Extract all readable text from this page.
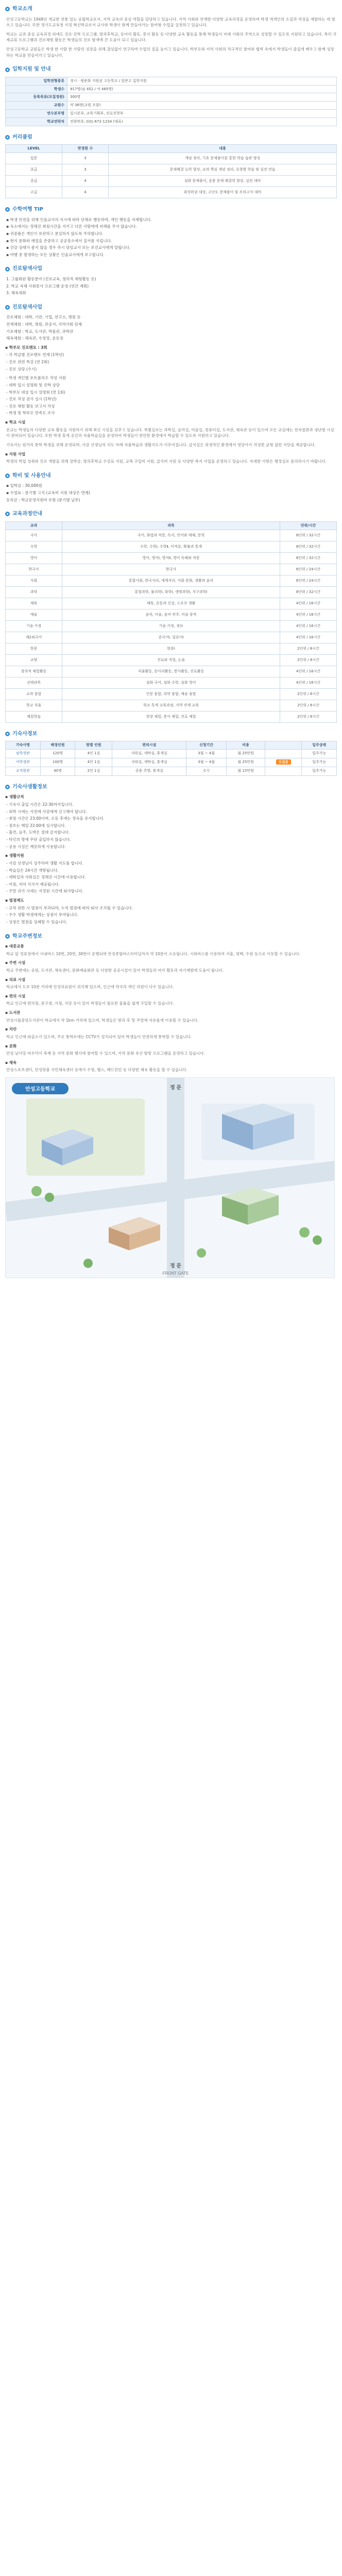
학교소개

안성고등학교는 1948년 개교한 전통 있는 공립학교로서, 지역 교육의 중심 역할을 담당하고 있습니다. 지역 사회와 연계한 다양한 교육과정을 운영하며 학생 개개인의 소질과 적성을 계발하는 데 힘쓰고 있습니다. 또한 경기도교육청 지정 혁신학교로서 교사와 학생이 함께 만들어가는 참여형 수업을 실천하고 있습니다.

학교는 교과 중심 교육과정 외에도 진로·진학 프로그램, 방과후학교, 동아리 활동, 봉사 활동 등 다양한 교육 활동을 통해 학생들이 미래 사회의 주역으로 성장할 수 있도록 지원하고 있습니다. 특히 국제교류 프로그램과 진로체험 활동은 학생들의 진로 탐색에 큰 도움이 되고 있습니다.

안성고등학교 교원들은 학생 한 사람 한 사람의 성장을 위해 끊임없이 연구하며 수업의 질을 높이고 있습니다. 학부모와 지역 사회의 적극적인 참여와 협력 속에서 학생들이 즐겁게 배우고 함께 성장하는 학교를 만들어가고 있습니다.

입학지원 및 안내
입학전형종류	정시 · 평준화 지원권 고등학교 / 일반고 입학지원
학생수	917명(남 452 / 여 465명)
등록목표(모집정원)	300명
교원수	약 36명(교원 포함)
연수본부명	입시본부, 교육기획부, 진로진학부
학교연락처	전화번호: 031-672-1234 (대표)
커리큘럼
LEVEL	반정원 수	내용
입문	3	개념 정리, 기초 문제풀이를 통한 학습 습관 형성
초급	3	문제해결 능력 향상, 교과 핵심 개념 정리, 유형별 학습 및 실전 연습
중급	4	심화 문제풀이, 응용 문제 해결력 향상, 실전 대비
고급	4	최상위권 대상, 고난도 문제풀이 및 모의고사 대비
수학여행 TIP
▪ 학생 안전을 위해 인솔교사의 지시에 따라 단체로 행동하며, 개인 행동을 자제합니다.
▪ 숙소에서는 정해진 취침시간을 지키고 다른 사람에게 피해를 주지 않습니다.
▪ 귀중품은 개인이 보관하고 분실하지 않도록 주의합니다.
▪ 현지 문화와 예절을 존중하고 공공장소에서 질서를 지킵니다.
▪ 건강 상태가 좋지 않을 경우 즉시 담임교사 또는 보건교사에게 알립니다.
▪ 여행 중 발생하는 모든 상황은 인솔교사에게 보고합니다.
진로탐색사업
1. 그룹화된 활동분야 (진로교육, 창의적 체험활동 등)
2. 학교 자체 사회봉사 프로그램 운영 (연간 계획)
3. 체육대회
진로탐색사업
진로체험 : 대학, 기관, 기업, 연구소, 병원 등
연계체험 : 대학, 병원, 관공서, 지역사회 단체
기초체험 : 학교, 도서관, 박물관, 과학관
체육체험 : 체육관, 수영장, 운동장
▪ 학부모 진로멘토 : 3회
- 각 학급별 진로멘토 연계 (1학년)
- 진로 관련 특강 (연 2회)
- 진로 상담 (수시)
- 학생 개인별 포트폴리오 작성 지원
- 대학 입시 설명회 및 진학 상담
- 학부모 대상 입시 설명회 (연 1회)
- 진로 적성 검사 실시 (1학년)
- 진로 체험 활동 보고서 작성
- 학생 및 학부모 만족도 조사
▪ 학교 시설

본교는 학생들의 다양한 교육 활동을 지원하기 위해 최신 시설을 갖추고 있습니다. 특별실로는 과학실, 음악실, 미술실, 컴퓨터실, 도서관, 체육관 등이 있으며 모든 교실에는 전자칠판과 냉난방 시설이 완비되어 있습니다. 또한 학생 휴게 공간과 자율학습실을 운영하여 학생들이 편안한 환경에서 학습할 수 있도록 지원하고 있습니다.

기숙사는 원거리 통학 학생을 위해 운영되며, 사감 선생님의 지도 아래 자율학습과 생활지도가 이루어집니다. 급식실은 위생적인 환경에서 영양사가 작성한 균형 잡힌 식단을 제공합니다.

▪ 지원 사업

학생의 학업 성취와 진로 개발을 위해 장학금, 방과후학교 수강료 지원, 교복 구입비 지원, 급식비 지원 등 다양한 복지 사업을 운영하고 있습니다. 자세한 사항은 행정실로 문의하시기 바랍니다.

학비 및 사용안내
▪ 입학금 : 30,000원
▪ 수업료 : 분기별 고지 (교육비 지원 대상은 면제)
등록금 : 학교운영지원비 포함 (분기별 납부)
교육과정안내
교과	과목	단위/시간
국어	국어, 화법과 작문, 독서, 언어와 매체, 문학	8단위 / 32시간
수학	수학, 수학Ⅰ, 수학Ⅱ, 미적분, 확률과 통계	8단위 / 32시간
영어	영어, 영어Ⅰ, 영어Ⅱ, 영어 독해와 작문	8단위 / 32시간
한국사	한국사	6단위 / 24시간
사회	통합사회, 한국지리, 세계지리, 사회·문화, 생활과 윤리	6단위 / 24시간
과학	통합과학, 물리학Ⅰ, 화학Ⅰ, 생명과학Ⅰ, 지구과학Ⅰ	8단위 / 32시간
체육	체육, 운동과 건강, 스포츠 생활	4단위 / 16시간
예술	음악, 미술, 음악 연주, 미술 창작	4단위 / 16시간
기술·가정	기술·가정, 정보	4단위 / 16시간
제2외국어	중국어Ⅰ, 일본어Ⅰ	4단위 / 16시간
한문	한문Ⅰ	2단위 / 8시간
교양	진로와 직업, 논술	2단위 / 8시간
창의적 체험활동	자율활동, 동아리활동, 봉사활동, 진로활동	4단위 / 16시간
선택과목	심화 국어, 심화 수학, 심화 영어	4단위 / 16시간
교과 융합	인문 융합, 과학 융합, 예술 융합	2단위 / 8시간
학교 자율	학교 특색 교육과정, 지역 연계 교육	2단위 / 8시간
체험학습	현장 체험, 봉사 체험, 진로 체험	2단위 / 8시간
기숙사정보
기숙사명	배정인원	방별 인원	편의시설	신청기간	비용		입주상태
남학생관	120명	4인 1실	샤워실, 세탁실, 휴게실	3월 ~ 4월	월 25만원		입주가능
여학생관	100명	4인 1실	샤워실, 세탁실, 휴게실	3월 ~ 4월	월 25만원	모집중	입주가능
교직원관	40명	2인 1실	공용 주방, 휴게실	수시	월 15만원		입주가능
기숙사생활정보
▪ 생활규칙
- 기숙사 출입 시간은 22:30까지입니다.
- 외박 시에는 사전에 사감에게 신고해야 합니다.
- 취침 시간은 23:00이며, 소등 후에는 정숙을 유지합니다.
- 점호는 매일 22:00에 실시합니다.
- 흡연, 음주, 도박은 절대 금지합니다.
- 타인의 방에 무단 출입하지 않습니다.
- 공용 시설은 깨끗하게 사용합니다.
▪ 생활지원
- 사감 선생님이 상주하며 생활 지도를 합니다.
- 학습실은 24시간 개방됩니다.
- 세탁실과 샤워실은 정해진 시간에 이용합니다.
- 아침, 저녁 식사가 제공됩니다.
- 주말 귀가 시에는 지정된 시간에 퇴사합니다.
▪ 벌점제도
- 규칙 위반 시 벌점이 부과되며, 누적 벌점에 따라 퇴사 조치될 수 있습니다.
- 우수 생활 학생에게는 상점이 부여됩니다.
- 상점은 벌점을 상쇄할 수 있습니다.
학교주변정보
▪ 대중교통

학교 앞 정류장에서 시내버스 10번, 20번, 30번이 운행되며 안성종합버스터미널까지 약 10분이 소요됩니다. 시외버스를 이용하여 서울, 평택, 수원 등으로 이동할 수 있습니다.

▪ 주변 시설

학교 주변에는 공원, 도서관, 체육센터, 문화예술회관 등 다양한 공공시설이 있어 학생들의 여가 활동과 자기계발에 도움이 됩니다.

▪ 의료 시설

학교에서 도보 10분 거리에 안성의료원이 위치해 있으며, 인근에 약국과 개인 의원이 다수 있습니다.

▪ 편의 시설

학교 인근에 편의점, 문구점, 서점, 식당 등이 있어 학생들이 필요한 물품을 쉽게 구입할 수 있습니다.

▪ 도서관

안성시립중앙도서관이 학교에서 약 1km 거리에 있으며, 학생들은 방과 후 및 주말에 자유롭게 이용할 수 있습니다.

▪ 치안

학교 인근에 파출소가 있으며, 주요 통학로에는 CCTV가 설치되어 있어 학생들이 안전하게 통학할 수 있습니다.

▪ 문화

안성 남사당 바우덕이 축제 등 지역 문화 행사에 참여할 수 있으며, 지역 문화 유산 탐방 프로그램을 운영하고 있습니다.

▪ 체육

안성스포츠센터, 안성맞춤 국민체육센터 등에서 수영, 헬스, 배드민턴 등 다양한 체육 활동을 할 수 있습니다.

안성고등학교	정 문
정 문
FRONT GATE
